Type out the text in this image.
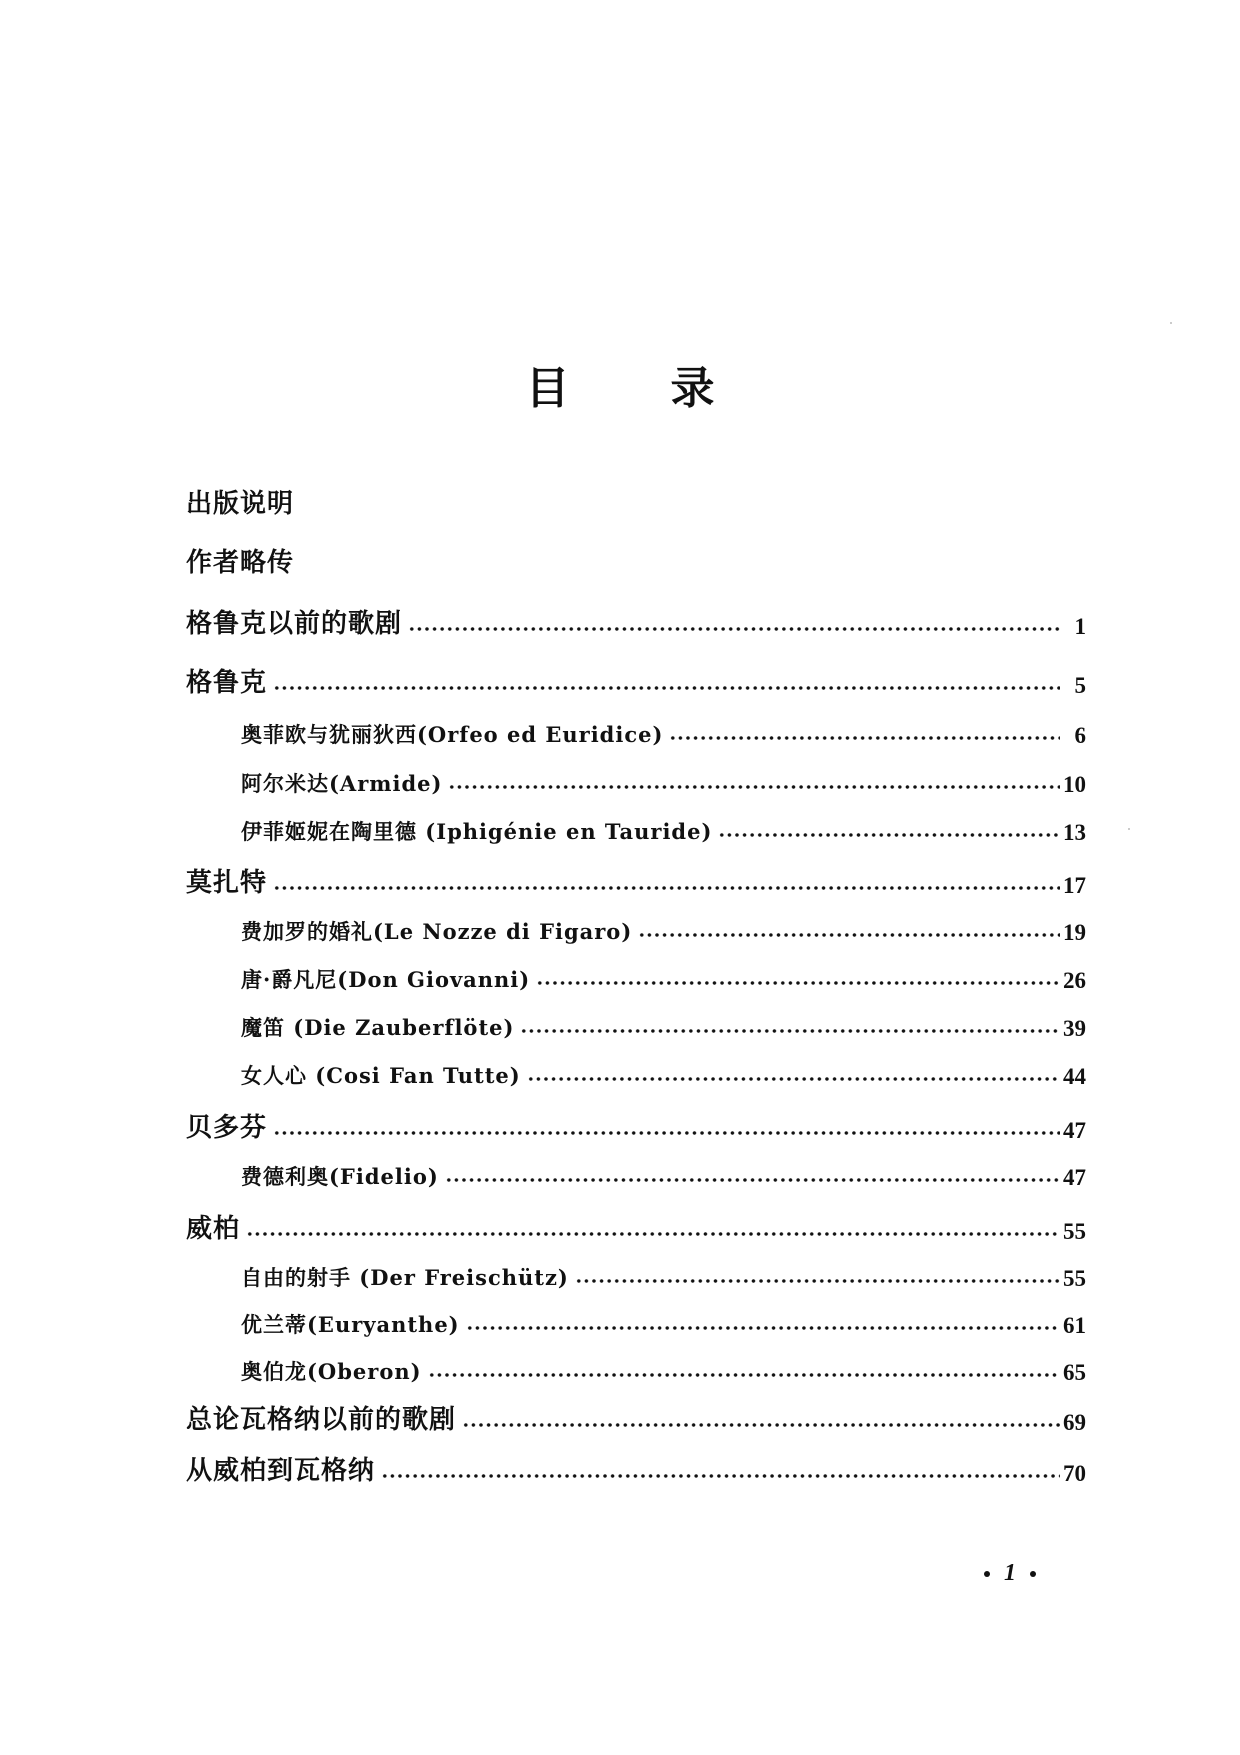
目 录
出版说明
作者略传
格鲁克以前的歌剧	1
格鲁克	5
奥菲欧与犹丽狄西(Orfeo ed Euridice)	6
阿尔米达(Armide)	10
伊菲姬妮在陶里德 (Iphigénie en Tauride)	13
莫扎特	17
费加罗的婚礼(Le Nozze di Figaro)	19
唐·爵凡尼(Don Giovanni)	26
魔笛 (Die Zauberflöte)	39
女人心 (Cosi Fan Tutte)	44
贝多芬	47
费德利奥(Fidelio)	47
威柏	55
自由的射手 (Der Freischütz)	55
优兰蒂(Euryanthe)	61
奥伯龙(Oberon)	65
总论瓦格纳以前的歌剧	69
从威柏到瓦格纳	70
1
